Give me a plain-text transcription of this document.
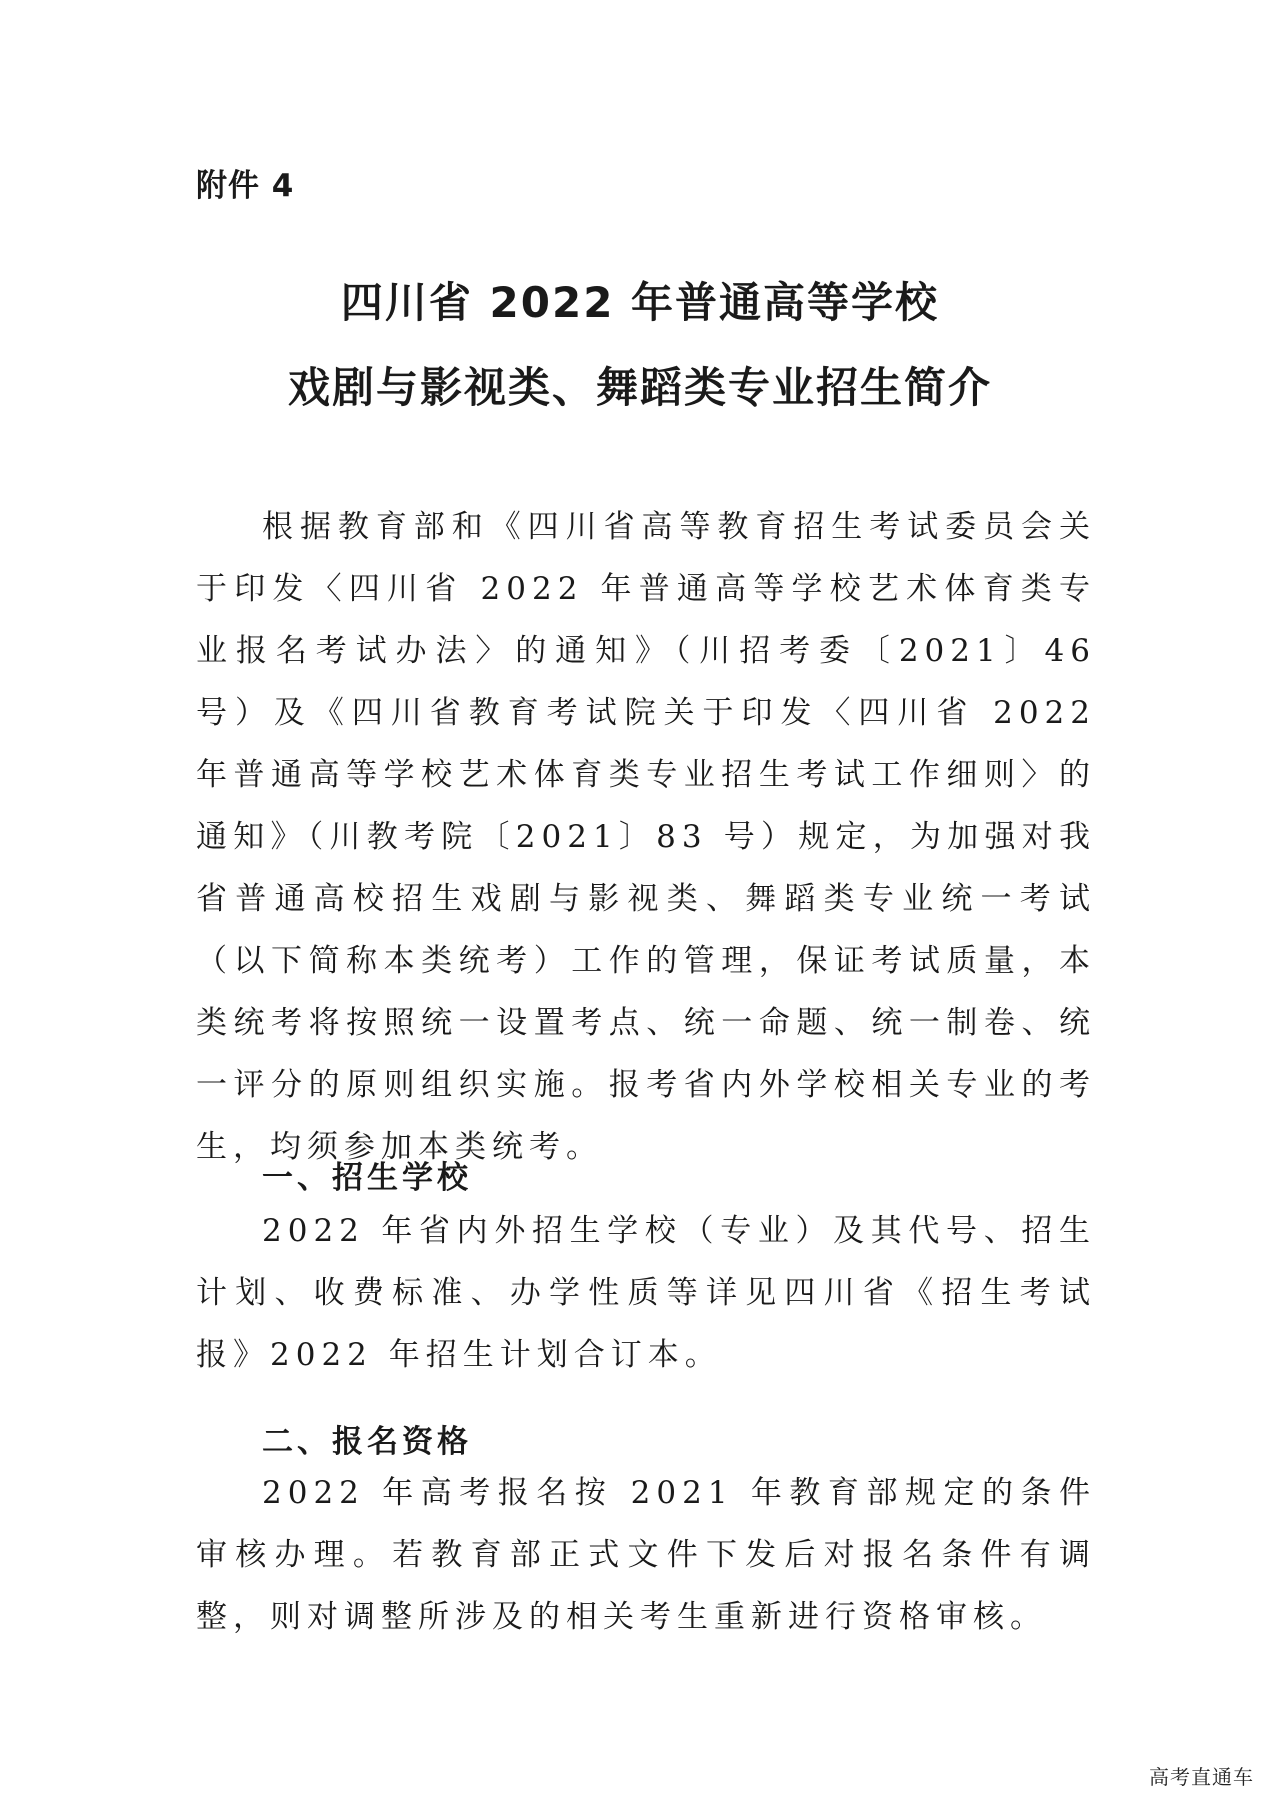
附件 4
四川省 2022 年普通高等学校
戏剧与影视类、舞蹈类专业招生简介

根据教育部和《四川省高等教育招生考试委员会关于印发〈四川省 2022 年普通高等学校艺术体育类专业报名考试办法〉的通知》（川招考委〔2021〕46 号）及《四川省教育考试院关于印发〈四川省 2022 年普通高等学校艺术体育类专业招生考试工作细则〉的通知》（川教考院〔2021〕83 号）规定，为加强对我省普通高校招生戏剧与影视类、舞蹈类专业统一考试（以下简称本类统考）工作的管理，保证考试质量，本类统考将按照统一设置考点、统一命题、统一制卷、统一评分的原则组织实施。报考省内外学校相关专业的考生，均须参加本类统考。

一、招生学校

2022 年省内外招生学校（专业）及其代号、招生计划、收费标准、办学性质等详见四川省《招生考试报》2022 年招生计划合订本。

二、报名资格

2022 年高考报名按 2021 年教育部规定的条件审核办理。若教育部正式文件下发后对报名条件有调整，则对调整所涉及的相关考生重新进行资格审核。

高考直通车
